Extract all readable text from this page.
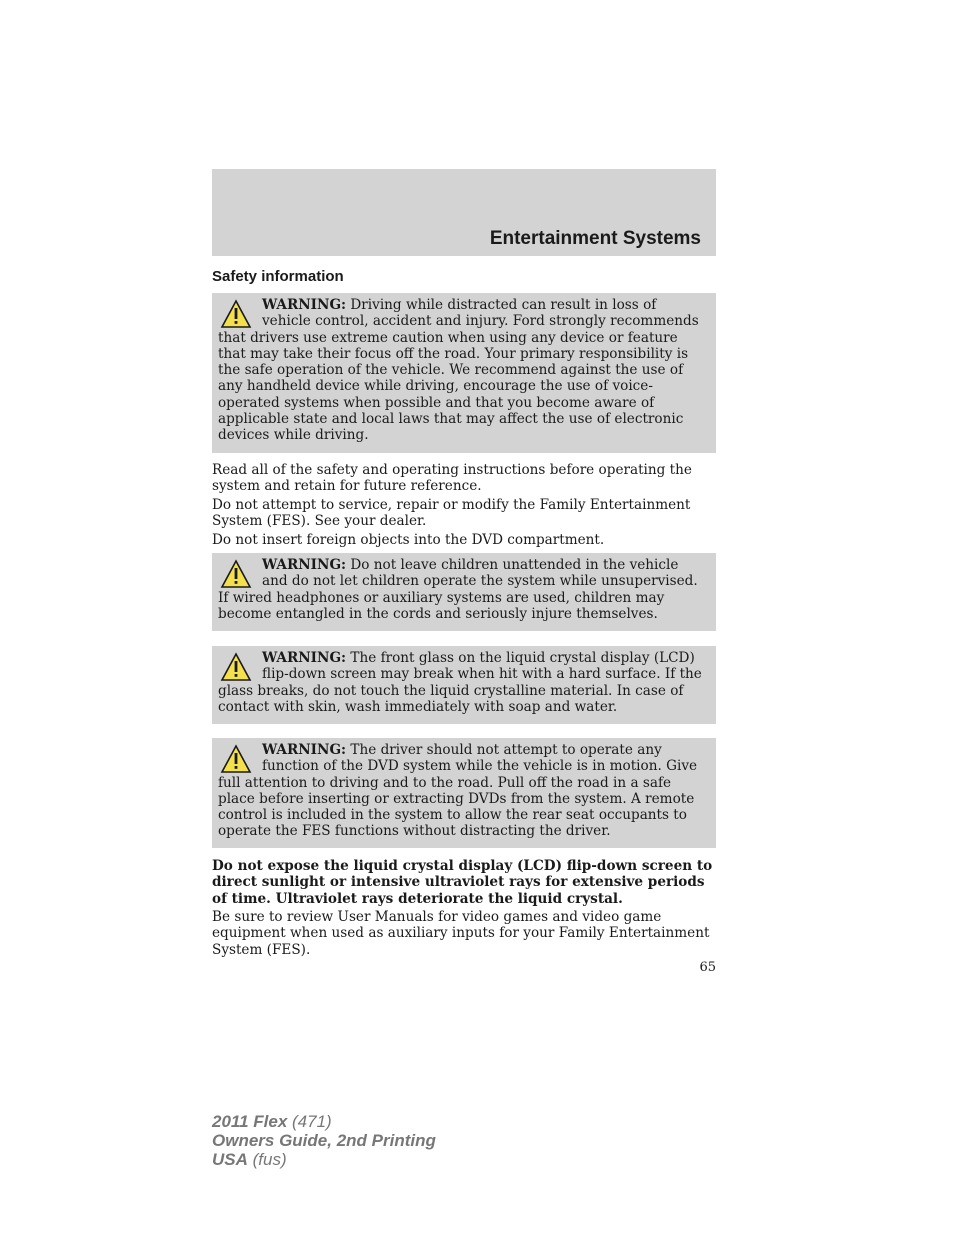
Entertainment Systems
Safety information
WARNING: Driving while distracted can result in loss of vehicle control, accident and injury. Ford strongly recommends that drivers use extreme caution when using any device or feature that may take their focus off the road. Your primary responsibility is the safe operation of the vehicle. We recommend against the use of any handheld device while driving, encourage the use of voice-operated systems when possible and that you become aware of applicable state and local laws that may affect the use of electronic devices while driving.

Read all of the safety and operating instructions before operating the system and retain for future reference.

Do not attempt to service, repair or modify the Family Entertainment System (FES). See your dealer.

Do not insert foreign objects into the DVD compartment.

WARNING: Do not leave children unattended in the vehicle and do not let children operate the system while unsupervised. If wired headphones or auxiliary systems are used, children may become entangled in the cords and seriously injure themselves.
WARNING: The front glass on the liquid crystal display (LCD) flip-down screen may break when hit with a hard surface. If the glass breaks, do not touch the liquid crystalline material. In case of contact with skin, wash immediately with soap and water.
WARNING: The driver should not attempt to operate any function of the DVD system while the vehicle is in motion. Give full attention to driving and to the road. Pull off the road in a safe place before inserting or extracting DVDs from the system. A remote control is included in the system to allow the rear seat occupants to operate the FES functions without distracting the driver.

Do not expose the liquid crystal display (LCD) flip-down screen to direct sunlight or intensive ultraviolet rays for extensive periods of time. Ultraviolet rays deteriorate the liquid crystal.

Be sure to review User Manuals for video games and video game equipment when used as auxiliary inputs for your Family Entertainment System (FES).

65
2011 Flex (471)
Owners Guide, 2nd Printing
USA (fus)
